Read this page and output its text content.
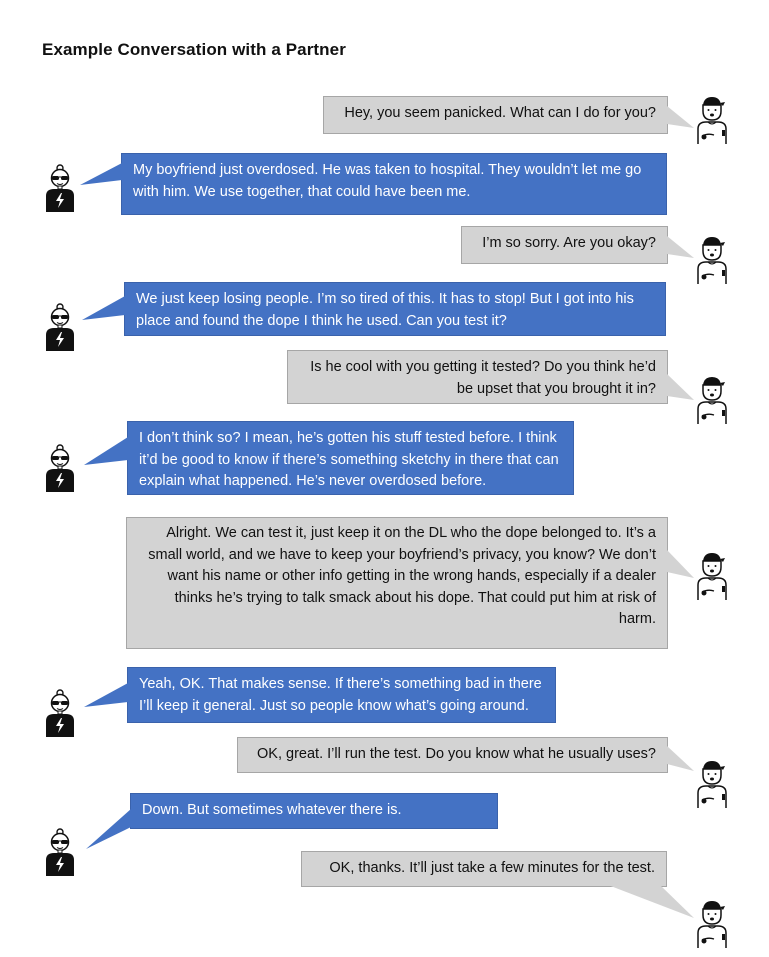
Example Conversation with a Partner
Hey, you seem panicked. What can I do for you?
My boyfriend just overdosed. He was taken to hospital. They wouldn’t let me go with him. We use together, that could have been me.
I’m so sorry. Are you okay?
We just keep losing people. I’m so tired of this. It has to stop! But I got into his place and found the dope I think he used. Can you test it?
Is he cool with you getting it tested? Do you think he’d be upset that you brought it in?
I don’t think so? I mean, he’s gotten his stuff tested before. I think it’d be good to know if there’s something sketchy in there that can explain what happened. He’s never overdosed before.
Alright. We can test it, just keep it on the DL who the dope belonged to. It’s a small world, and we have to keep your boyfriend’s privacy, you know? We don’t want his name or other info getting in the wrong hands, especially if a dealer thinks he’s trying to talk smack about his dope. That could put him at risk of harm.
Yeah, OK. That makes sense. If there’s something bad in there I’ll keep it general. Just so people know what’s going around.
OK, great. I’ll run the test. Do you know what he usually uses?
Down. But sometimes whatever there is.
OK, thanks. It’ll just take a few minutes for the test.
